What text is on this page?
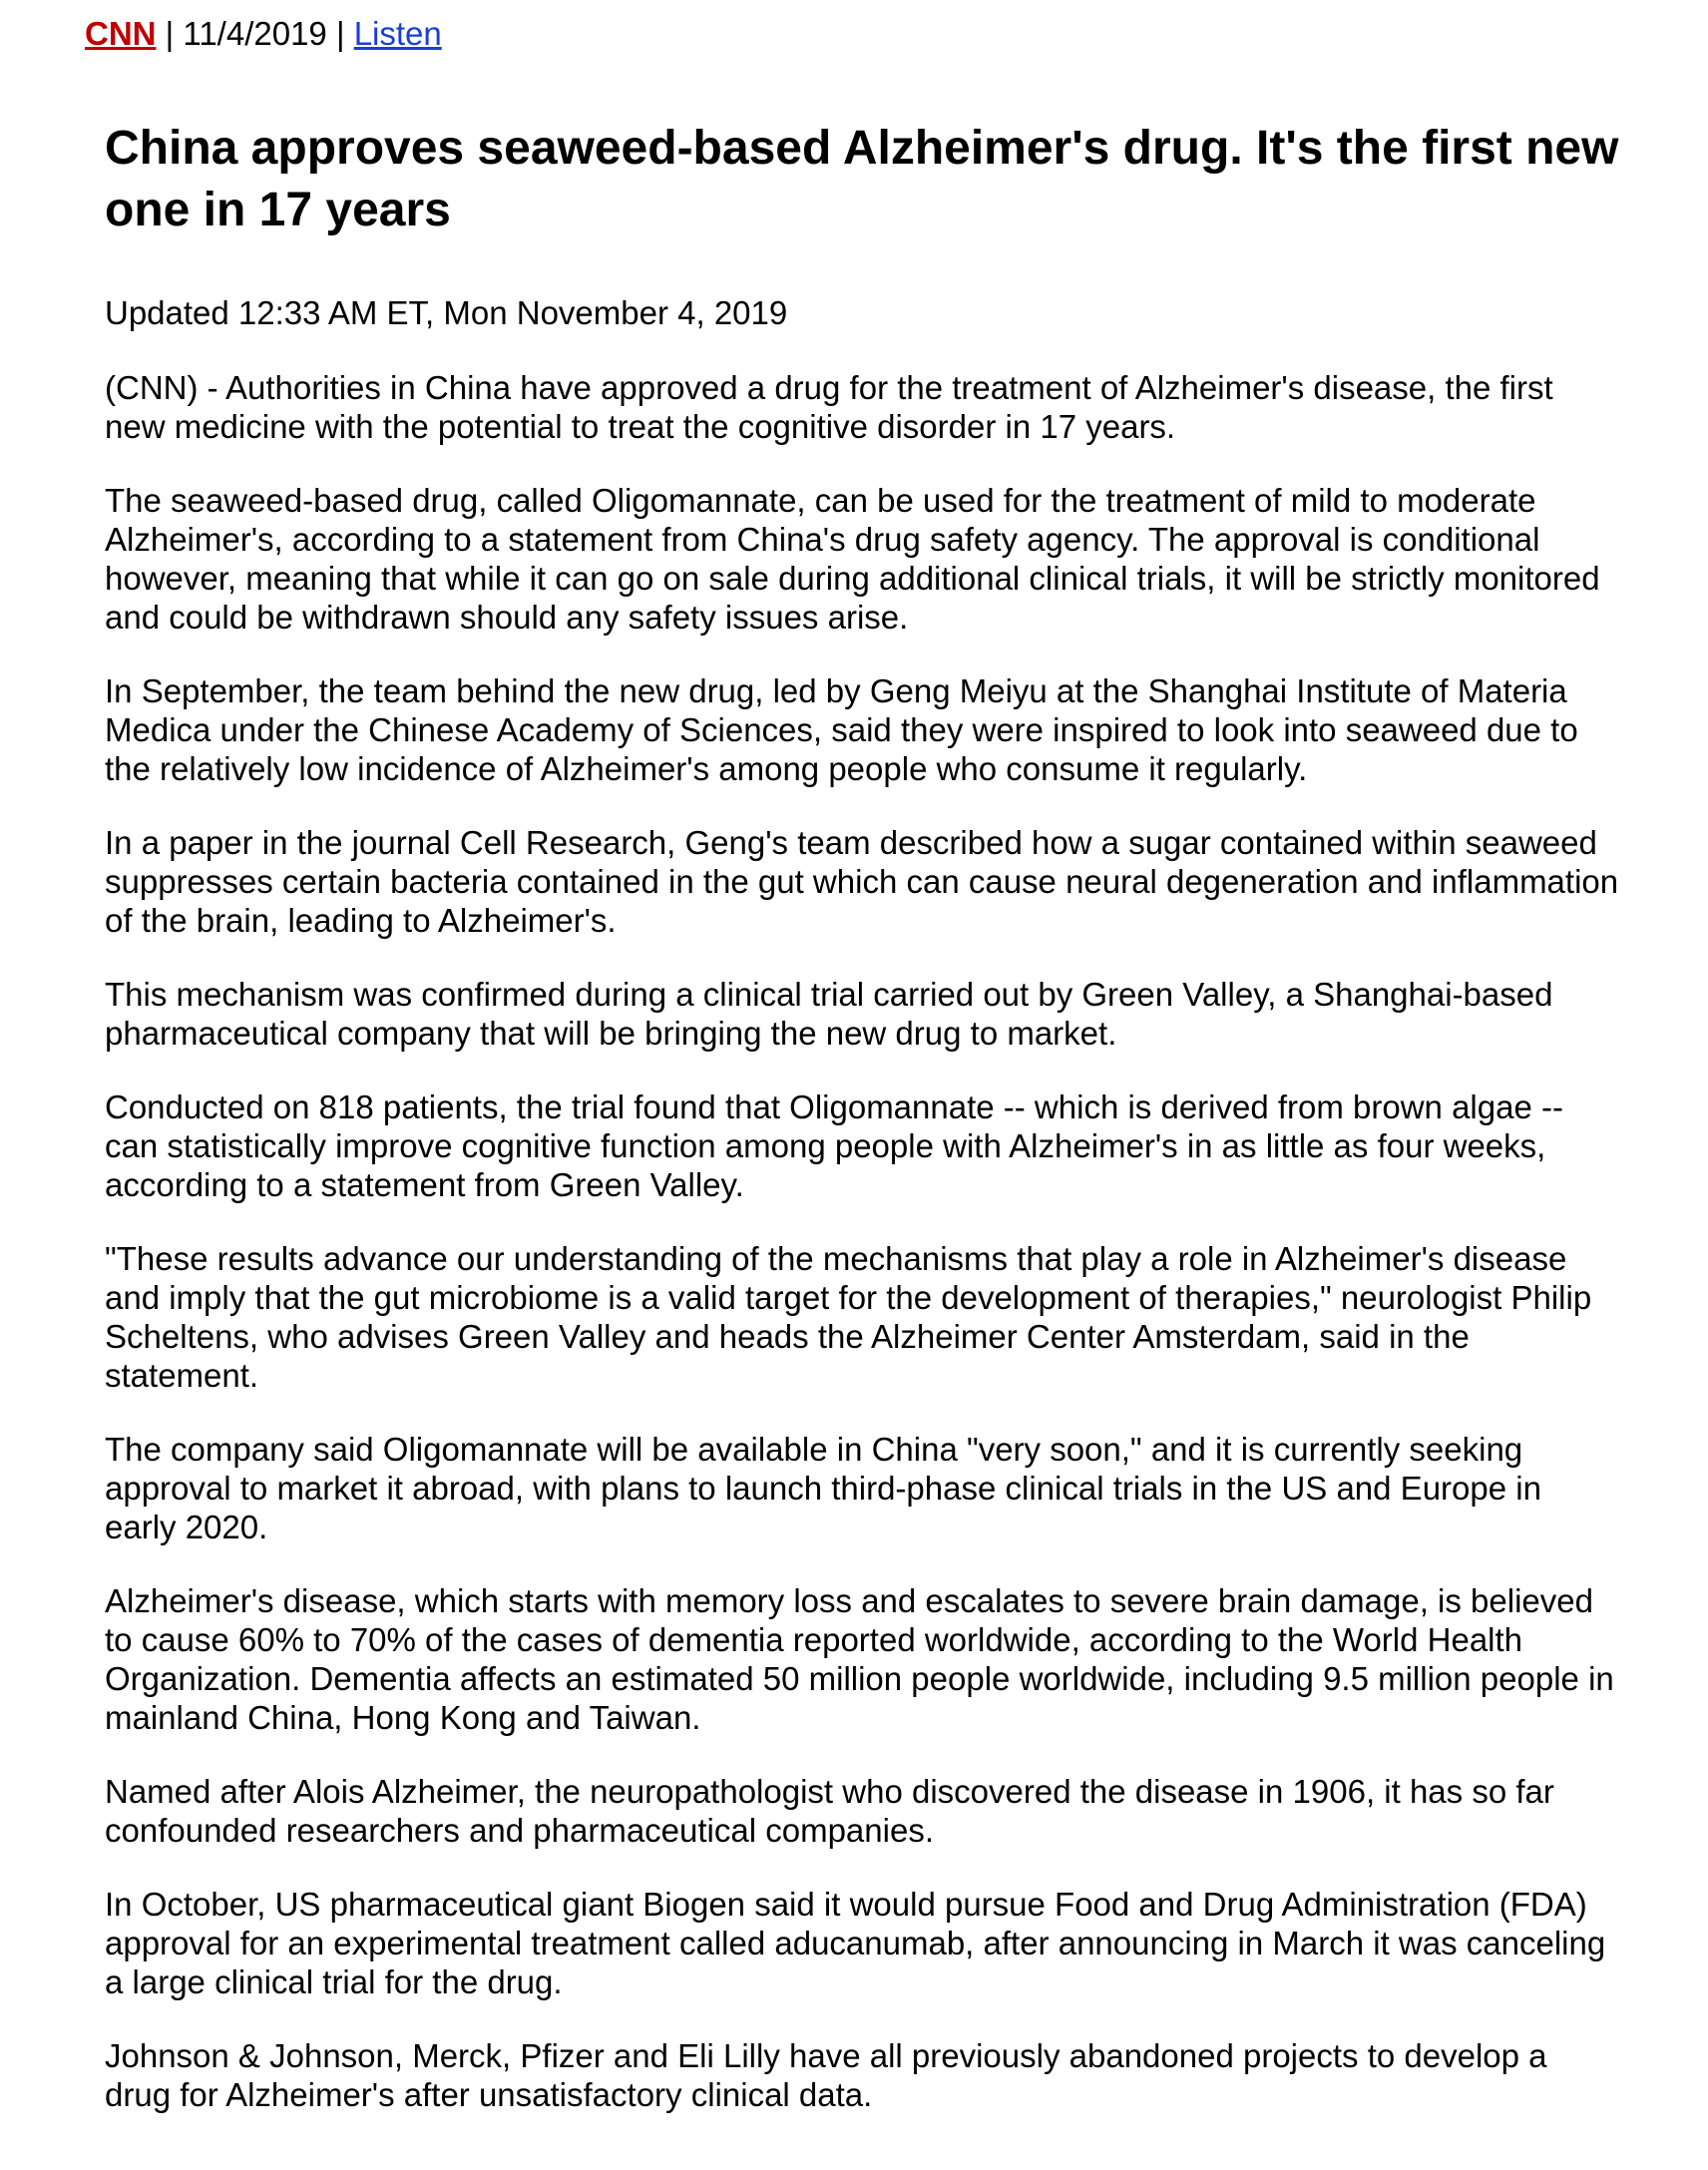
CNN | 11/4/2019 | Listen
China approves seaweed-based Alzheimer's drug. It's the first new one in 17 years

Updated 12:33 AM ET, Mon November 4, 2019

(CNN) - Authorities in China have approved a drug for the treatment of Alzheimer's disease, the first new medicine with the potential to treat the cognitive disorder in 17 years.

The seaweed-based drug, called Oligomannate, can be used for the treatment of mild to moderate Alzheimer's, according to a statement from China's drug safety agency. The approval is conditional however, meaning that while it can go on sale during additional clinical trials, it will be strictly monitored and could be withdrawn should any safety issues arise.

In September, the team behind the new drug, led by Geng Meiyu at the Shanghai Institute of Materia Medica under the Chinese Academy of Sciences, said they were inspired to look into seaweed due to the relatively low incidence of Alzheimer's among people who consume it regularly.

In a paper in the journal Cell Research, Geng's team described how a sugar contained within seaweed suppresses certain bacteria contained in the gut which can cause neural degeneration and inflammation of the brain, leading to Alzheimer's.

This mechanism was confirmed during a clinical trial carried out by Green Valley, a Shanghai-based pharmaceutical company that will be bringing the new drug to market.

Conducted on 818 patients, the trial found that Oligomannate -- which is derived from brown algae -- can statistically improve cognitive function among people with Alzheimer's in as little as four weeks, according to a statement from Green Valley.

"These results advance our understanding of the mechanisms that play a role in Alzheimer's disease and imply that the gut microbiome is a valid target for the development of therapies," neurologist Philip Scheltens, who advises Green Valley and heads the Alzheimer Center Amsterdam, said in the statement.

The company said Oligomannate will be available in China "very soon," and it is currently seeking approval to market it abroad, with plans to launch third-phase clinical trials in the US and Europe in early 2020.

Alzheimer's disease, which starts with memory loss and escalates to severe brain damage, is believed to cause 60% to 70% of the cases of dementia reported worldwide, according to the World Health Organization. Dementia affects an estimated 50 million people worldwide, including 9.5 million people in mainland China, Hong Kong and Taiwan.

Named after Alois Alzheimer, the neuropathologist who discovered the disease in 1906, it has so far confounded researchers and pharmaceutical companies.

In October, US pharmaceutical giant Biogen said it would pursue Food and Drug Administration (FDA) approval for an experimental treatment called aducanumab, after announcing in March it was canceling a large clinical trial for the drug.

Johnson & Johnson, Merck, Pfizer and Eli Lilly have all previously abandoned projects to develop a drug for Alzheimer's after unsatisfactory clinical data.
